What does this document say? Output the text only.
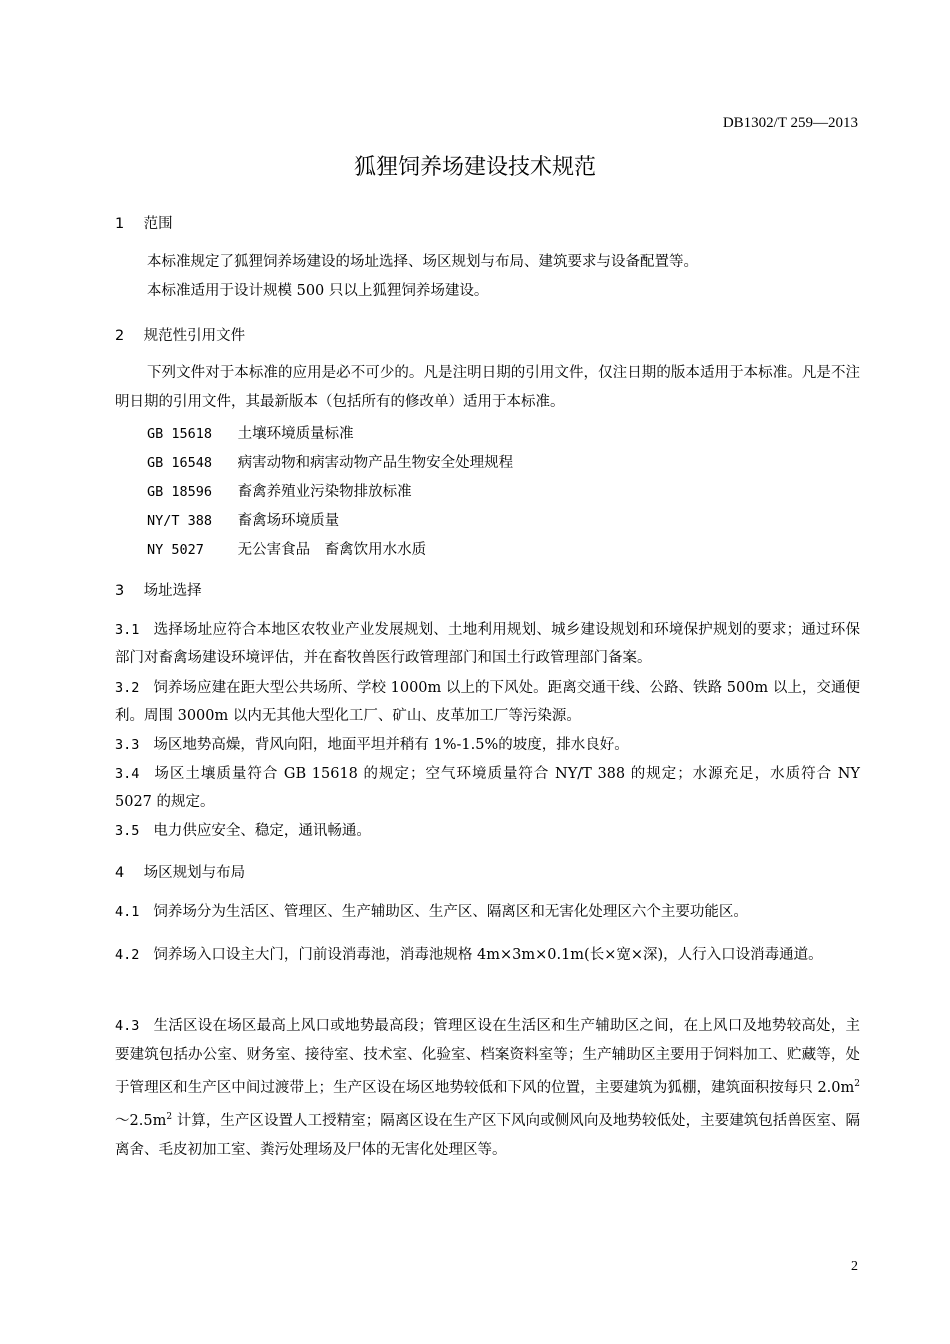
DB1302/T 259—2013
狐狸饲养场建设技术规范
1 范围
本标准规定了狐狸饲养场建设的场址选择、场区规划与布局、建筑要求与设备配置等。
本标准适用于设计规模 500 只以上狐狸饲养场建设。
2 规范性引用文件
下列文件对于本标准的应用是必不可少的。凡是注明日期的引用文件，仅注日期的版本适用于本标准。凡是不注明日期的引用文件，其最新版本（包括所有的修改单）适用于本标准。
GB 15618 土壤环境质量标准
GB 16548 病害动物和病害动物产品生物安全处理规程
GB 18596 畜禽养殖业污染物排放标准
NY/T 388 畜禽场环境质量
NY 5027 无公害食品　畜禽饮用水水质
3 场址选择
3.1 选择场址应符合本地区农牧业产业发展规划、土地利用规划、城乡建设规划和环境保护规划的要求；通过环保部门对畜禽场建设环境评估，并在畜牧兽医行政管理部门和国土行政管理部门备案。
3.2 饲养场应建在距大型公共场所、学校 1000m 以上的下风处。距离交通干线、公路、铁路 500m 以上，交通便利。周围 3000m 以内无其他大型化工厂、矿山、皮革加工厂等污染源。
3.3 场区地势高燥，背风向阳，地面平坦并稍有 1%-1.5%的坡度，排水良好。
3.4 场区土壤质量符合 GB 15618 的规定；空气环境质量符合 NY/T 388 的规定；水源充足，水质符合 NY 5027 的规定。
3.5 电力供应安全、稳定，通讯畅通。
4 场区规划与布局
4.1 饲养场分为生活区、管理区、生产辅助区、生产区、隔离区和无害化处理区六个主要功能区。
4.2 饲养场入口设主大门，门前设消毒池，消毒池规格 4m×3m×0.1m(长×宽×深)，人行入口设消毒通道。
4.3 生活区设在场区最高上风口或地势最高段；管理区设在生活区和生产辅助区之间，在上风口及地势较高处，主要建筑包括办公室、财务室、接待室、技术室、化验室、档案资料室等；生产辅助区主要用于饲料加工、贮藏等，处于管理区和生产区中间过渡带上；生产区设在场区地势较低和下风的位置，主要建筑为狐棚，建筑面积按每只 $2.0m^2\sim 2.5m^2$ 计算，生产区设置人工授精室；隔离区设在生产区下风向或侧风向及地势较低处，主要建筑包括兽医室、隔离舍、毛皮初加工室、粪污处理场及尸体的无害化处理区等。
2
